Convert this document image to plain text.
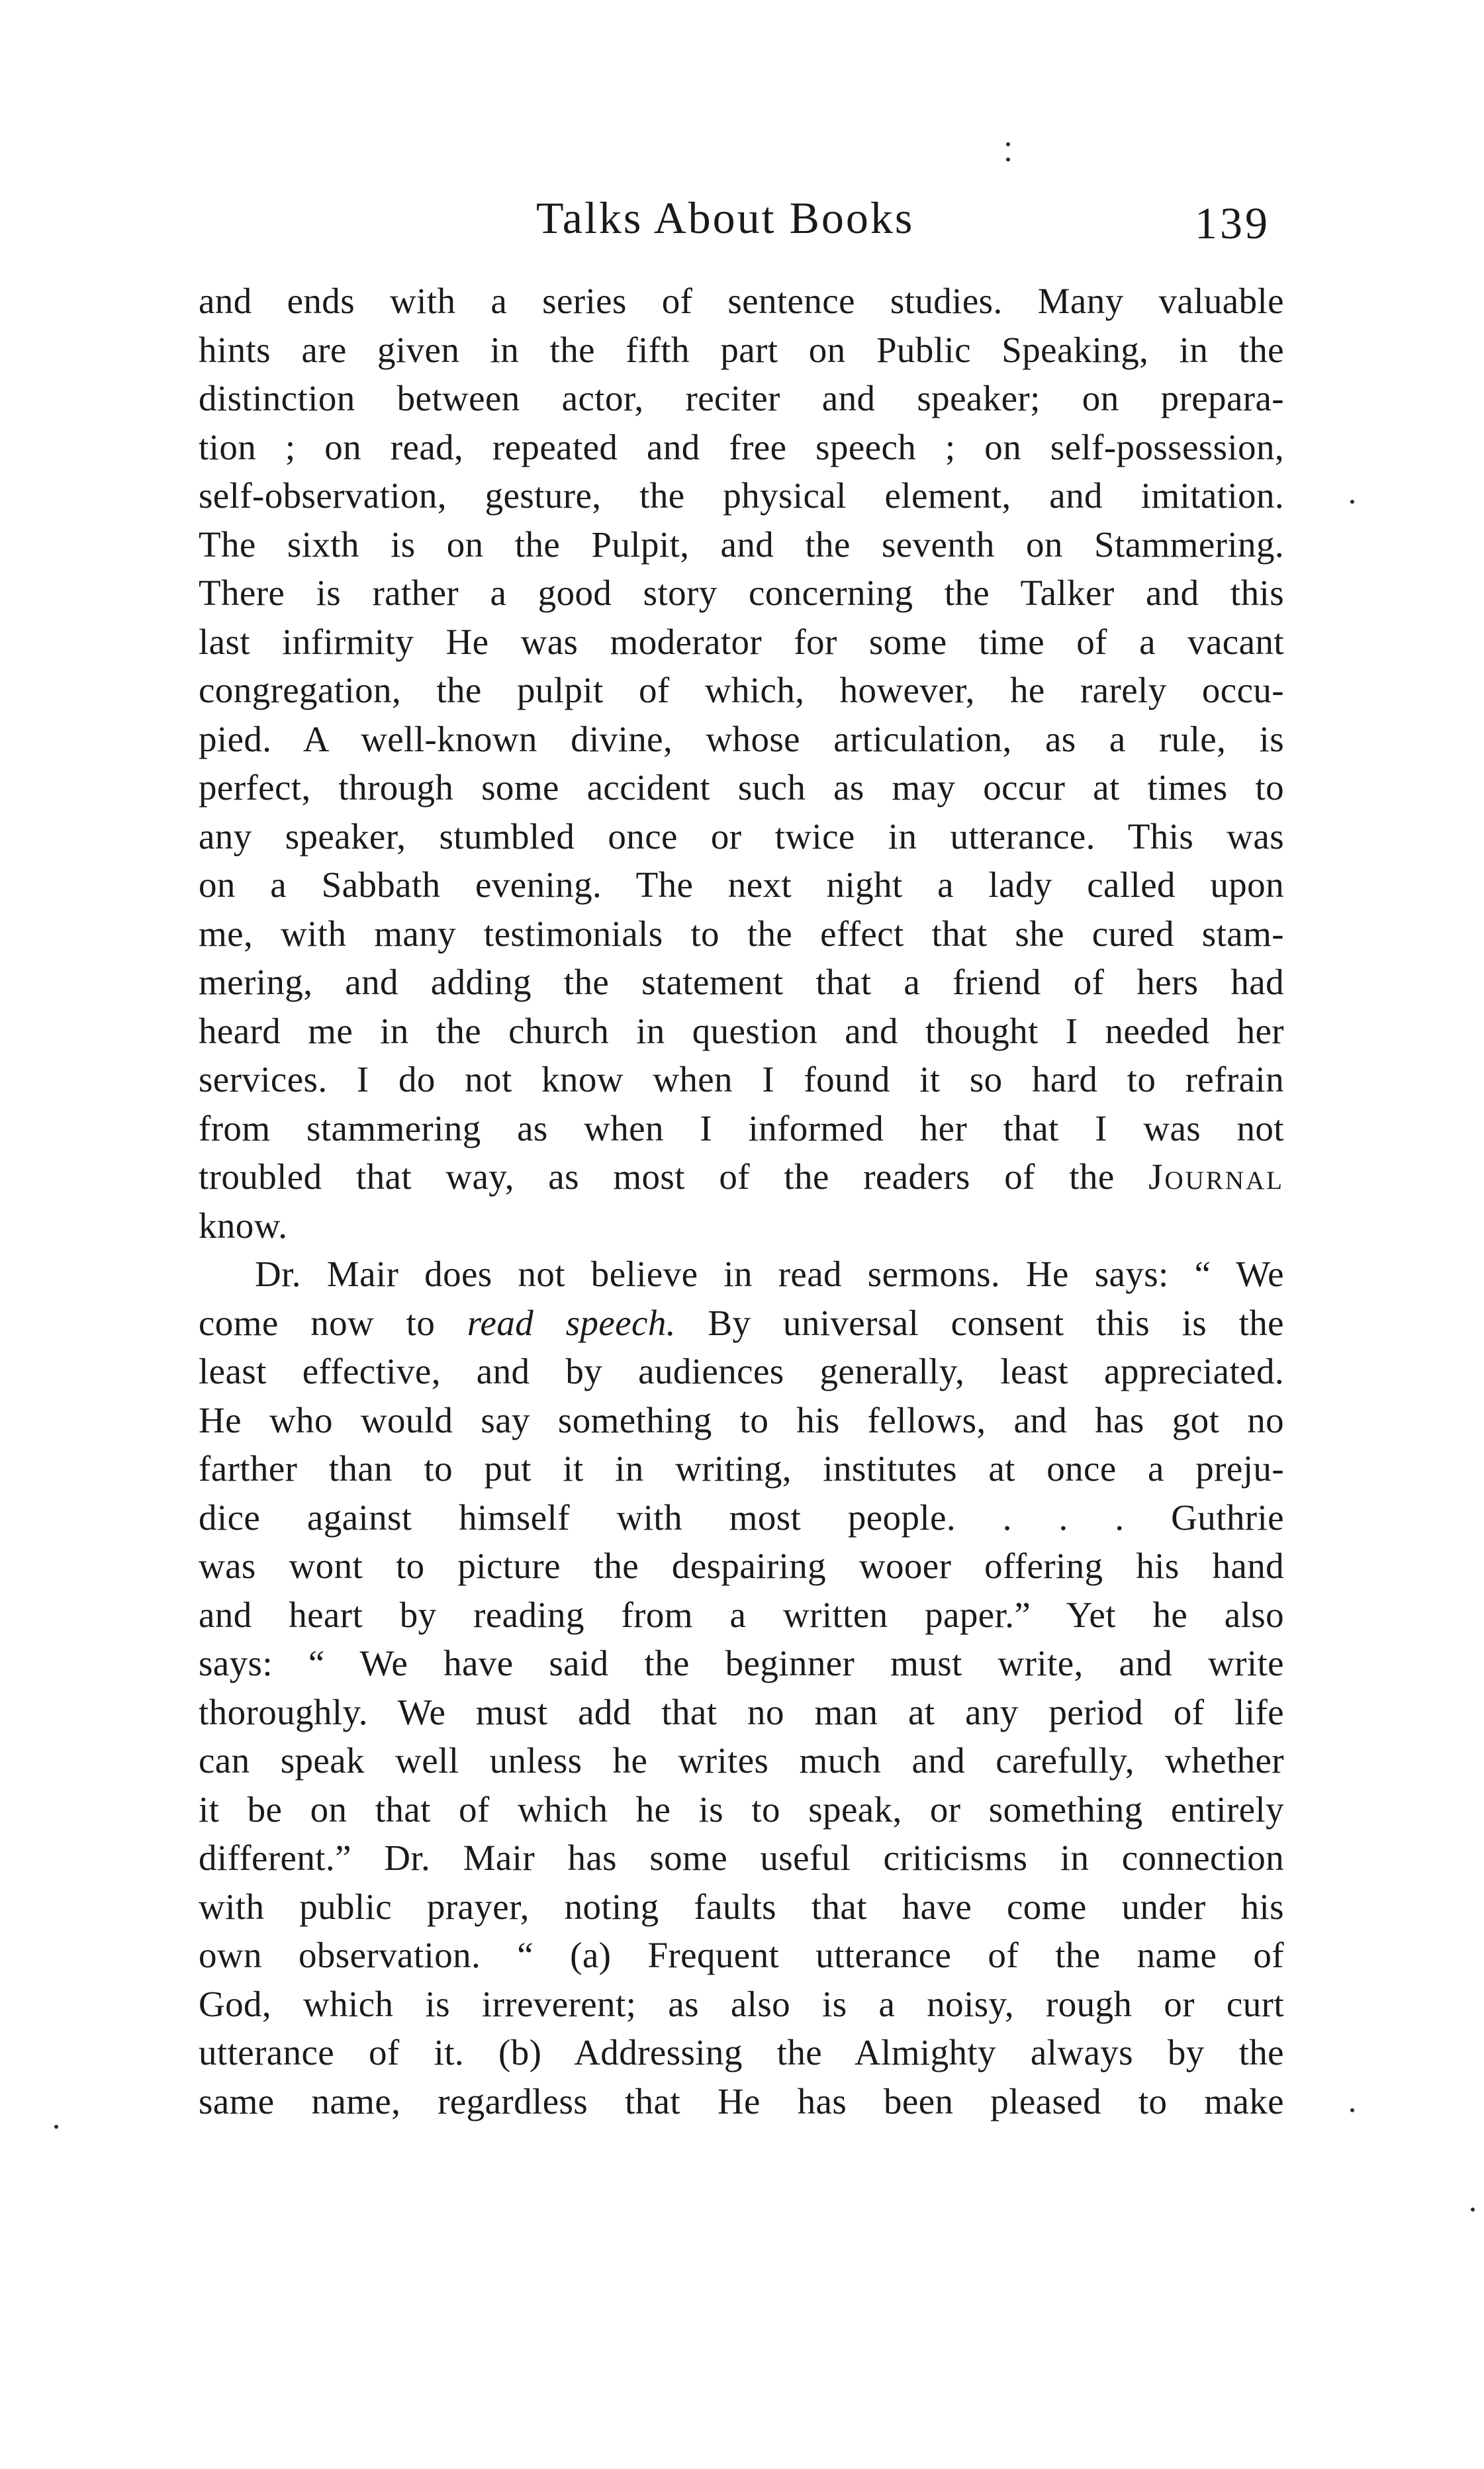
Talks About Books	139
and ends with a series of sentence studies. Many valuable
hints are given in the fifth part on Public Speaking, in the
distinction between actor, reciter and speaker; on prepara-
tion ; on read, repeated and free speech ; on self-possession,
self-observation, gesture, the physical element, and imitation.
The sixth is on the Pulpit, and the seventh on Stammering.
There is rather a good story concerning the Talker and this
last infirmity He was moderator for some time of a vacant
congregation, the pulpit of which, however, he rarely occu-
pied. A well-known divine, whose articulation, as a rule, is
perfect, through some accident such as may occur at times to
any speaker, stumbled once or twice in utterance. This was
on a Sabbath evening. The next night a lady called upon
me, with many testimonials to the effect that she cured stam-
mering, and adding the statement that a friend of hers had
heard me in the church in question and thought I needed her
services. I do not know when I found it so hard to refrain
from stammering as when I informed her that I was not
troubled that way, as most of the readers of the Journal
know.
Dr. Mair does not believe in read sermons. He says: “ We
come now to read speech. By universal consent this is the
least effective, and by audiences generally, least appreciated.
He who would say something to his fellows, and has got no
farther than to put it in writing, institutes at once a preju-
dice against himself with most people. . . . Guthrie
was wont to picture the despairing wooer offering his hand
and heart by reading from a written paper.” Yet he also
says: “ We have said the beginner must write, and write
thoroughly. We must add that no man at any period of life
can speak well unless he writes much and carefully, whether
it be on that of which he is to speak, or something entirely
different.” Dr. Mair has some useful criticisms in connection
with public prayer, noting faults that have come under his
own observation. “ (a) Frequent utterance of the name of
God, which is irreverent; as also is a noisy, rough or curt
utterance of it. (b) Addressing the Almighty always by the
same name, regardless that He has been pleased to make
